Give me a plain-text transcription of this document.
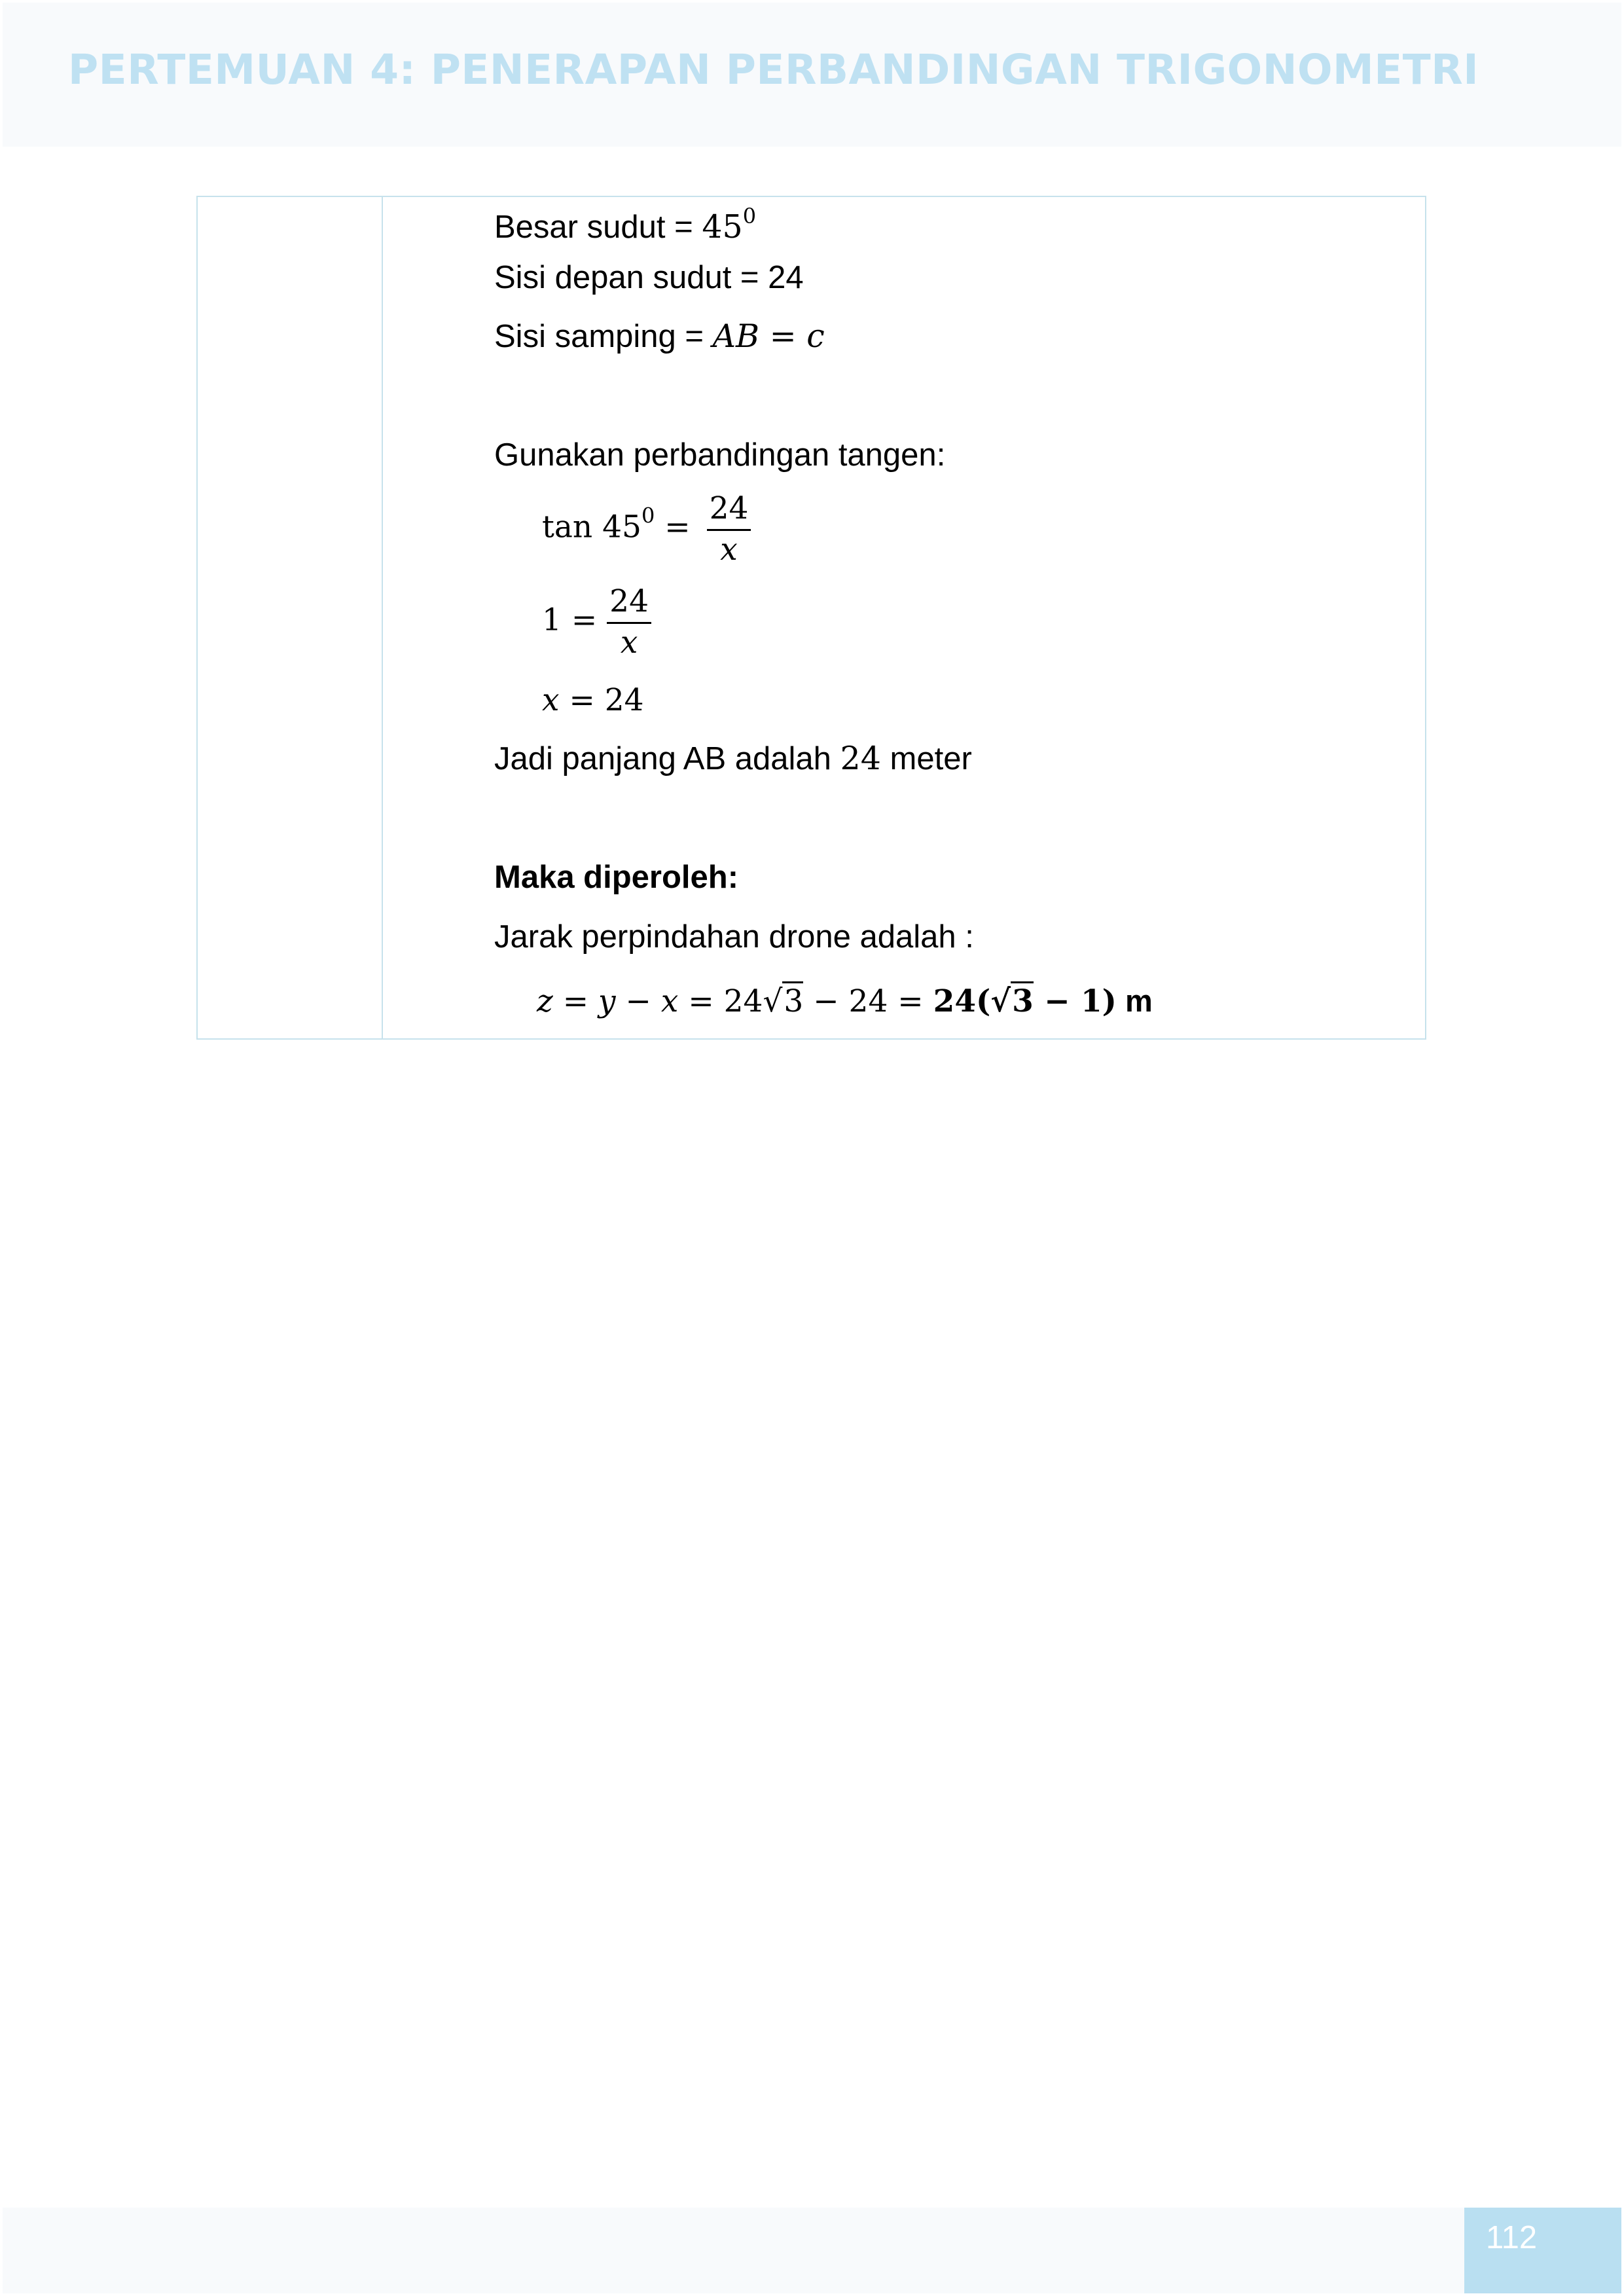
PERTEMUAN 4: PENERAPAN PERBANDINGAN TRIGONOMETRI
Besar sudut = $45^0$
Sisi depan sudut = 24
Sisi samping = AB = c
Gunakan perbandingan tangen:
$\tan 45^0 = \frac{24}{x}$
$1 = \frac{24}{x}$
x = 24
Jadi panjang AB adalah 24 meter
Maka diperoleh:
Jarak perpindahan drone adalah :
z = y − x = 24√3 − 24 = 24(√3 − 1) m
112
